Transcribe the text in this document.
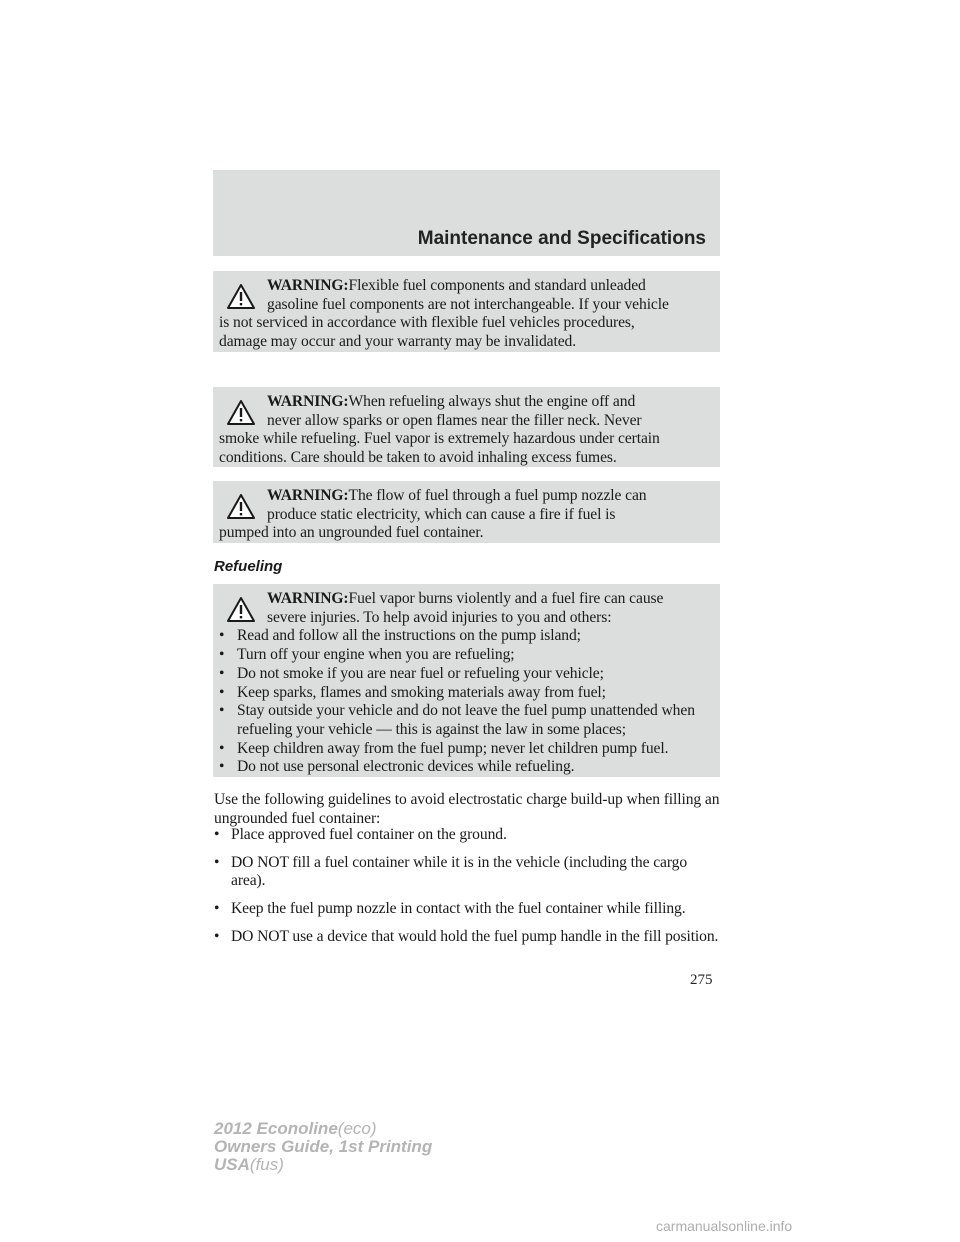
Maintenance and Specifications

WARNING:Flexible fuel components and standard unleaded

gasoline fuel components are not interchangeable. If your vehicle

is not serviced in accordance with flexible fuel vehicles procedures,

damage may occur and your warranty may be invalidated.

WARNING:When refueling always shut the engine off and

never allow sparks or open flames near the filler neck. Never

smoke while refueling. Fuel vapor is extremely hazardous under certain

conditions. Care should be taken to avoid inhaling excess fumes.

WARNING:The flow of fuel through a fuel pump nozzle can

produce static electricity, which can cause a fire if fuel is

pumped into an ungrounded fuel container.

Refueling

WARNING:Fuel vapor burns violently and a fuel fire can cause

severe injuries. To help avoid injuries to you and others:

• Read and follow all the instructions on the pump island;
• Turn off your engine when you are refueling;
• Do not smoke if you are near fuel or refueling your vehicle;
• Keep sparks, flames and smoking materials away from fuel;
• Stay outside your vehicle and do not leave the fuel pump unattended when refueling your vehicle — this is against the law in some places;
• Keep children away from the fuel pump; never let children pump fuel.
• Do not use personal electronic devices while refueling.

Use the following guidelines to avoid electrostatic charge build-up when filling an ungrounded fuel container:

• Place approved fuel container on the ground.
• DO NOT fill a fuel container while it is in the vehicle (including the cargo area).
• Keep the fuel pump nozzle in contact with the fuel container while filling.
• DO NOT use a device that would hold the fuel pump handle in the fill position.
275
2012 Econoline(eco)
Owners Guide, 1st Printing
USA(fus)
carmanualsonline.info
